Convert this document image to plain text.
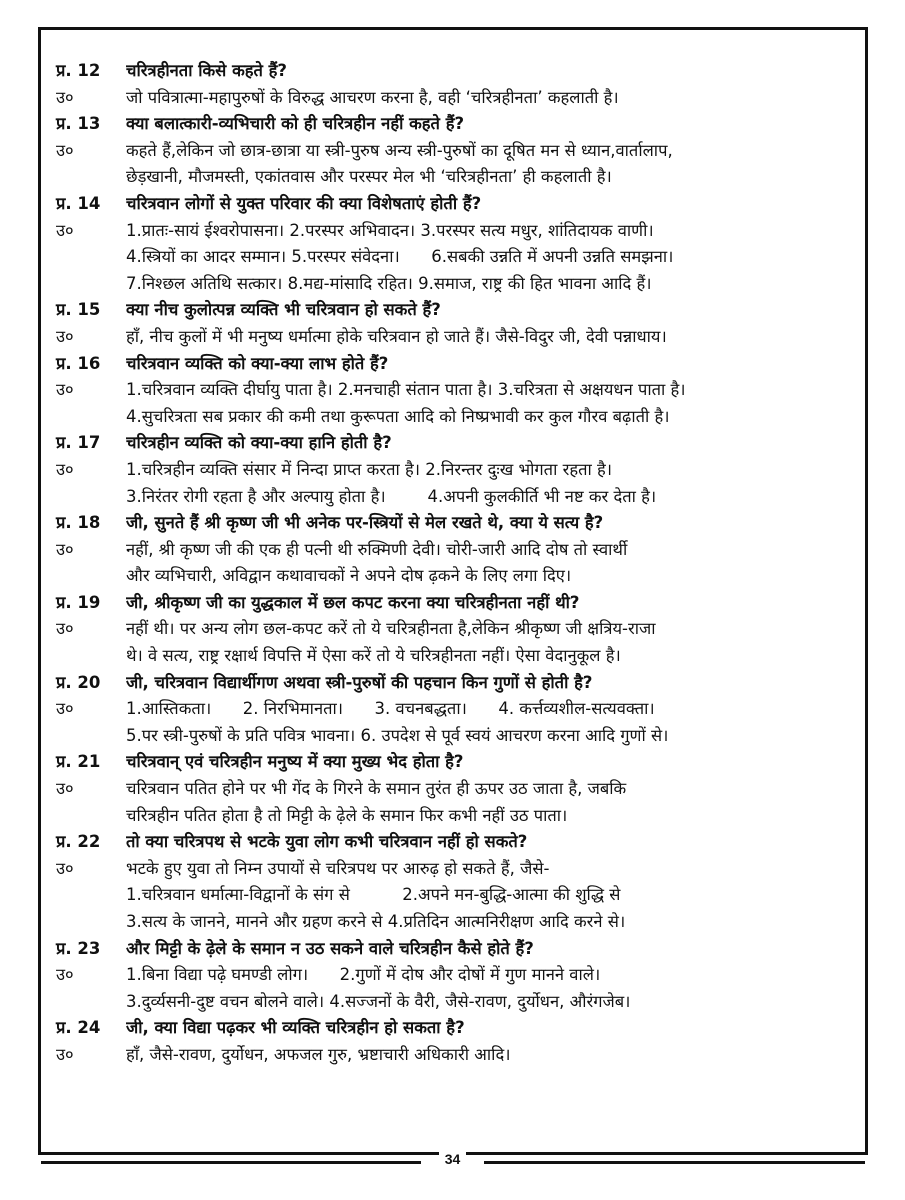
प्र. 12	चरित्रहीनता किसे कहते हैं?
उ०	जो पवित्रात्मा-महापुरुषों के विरुद्ध आचरण करना है, वही ‘चरित्रहीनता’ कहलाती है।
प्र. 13	क्या बलात्कारी-व्यभिचारी को ही चरित्रहीन नहीं कहते हैं?
उ०	कहते हैं,लेकिन जो छात्र-छात्रा या स्त्री-पुरुष अन्य स्त्री-पुरुषों का दूषित मन से ध्यान,वार्तालाप,
छेड़खानी, मौजमस्ती, एकांतवास और परस्पर मेल भी ‘चरित्रहीनता’ ही कहलाती है।
प्र. 14	चरित्रवान लोगों से युक्त परिवार की क्या विशेषताएं होती हैं?
उ०	1.प्रातः-सायं ईश्वरोपासना। 2.परस्पर अभिवादन। 3.परस्पर सत्य मधुर, शांतिदायक वाणी।
4.स्त्रियों का आदर सम्मान। 5.परस्पर संवेदना।      6.सबकी उन्नति में अपनी उन्नति समझना।
7.निश्छल अतिथि सत्कार। 8.मद्य-मांसादि रहित। 9.समाज, राष्ट्र की हित भावना आदि हैं।
प्र. 15	क्या नीच कुलोत्पन्न व्यक्ति भी चरित्रवान हो सकते हैं?
उ०	हाँ, नीच कुलों में भी मनुष्य धर्मात्मा होके चरित्रवान हो जाते हैं। जैसे-विदुर जी, देवी पन्नाधाय।
प्र. 16	चरित्रवान व्यक्ति को क्या-क्या लाभ होते हैं?
उ०	1.चरित्रवान व्यक्ति दीर्घायु पाता है। 2.मनचाही संतान पाता है। 3.चरित्रता से अक्षयधन पाता है।
4.सुचरित्रता सब प्रकार की कमी तथा कुरूपता आदि को निष्प्रभावी कर कुल गौरव बढ़ाती है।
प्र. 17	चरित्रहीन व्यक्ति को क्या-क्या हानि होती है?
उ०	1.चरित्रहीन व्यक्ति संसार में निन्दा प्राप्त करता है। 2.निरन्तर दुःख भोगता रहता है।
3.निरंतर रोगी रहता है और अल्पायु होता है।        4.अपनी कुलकीर्ति भी नष्ट कर देता है।
प्र. 18	जी, सुनते हैं श्री कृष्ण जी भी अनेक पर-स्त्रियों से मेल रखते थे, क्या ये सत्य है?
उ०	नहीं, श्री कृष्ण जी की एक ही पत्नी थी रुक्मिणी देवी। चोरी-जारी आदि दोष तो स्वार्थी
और व्यभिचारी, अविद्वान कथावाचकों ने अपने दोष ढ़कने के लिए लगा दिए।
प्र. 19	जी, श्रीकृष्ण जी का युद्धकाल में छल कपट करना क्या चरित्रहीनता नहीं थी?
उ०	नहीं थी। पर अन्य लोग छल-कपट करें तो ये चरित्रहीनता है,लेकिन श्रीकृष्ण जी क्षत्रिय-राजा
थे। वे सत्य, राष्ट्र रक्षार्थ विपत्ति में ऐसा करें तो ये चरित्रहीनता नहीं। ऐसा वेदानुकूल है।
प्र. 20	जी, चरित्रवान विद्यार्थीगण अथवा स्त्री-पुरुषों की पहचान किन गुणों से होती है?
उ०	1.आस्तिकता।      2. निरभिमानता।      3. वचनबद्धता।      4. कर्त्तव्यशील-सत्यवक्ता।
5.पर स्त्री-पुरुषों के प्रति पवित्र भावना। 6. उपदेश से पूर्व स्वयं आचरण करना आदि गुणों से।
प्र. 21	चरित्रवान् एवं चरित्रहीन मनुष्य में क्या मुख्य भेद होता है?
उ०	चरित्रवान पतित होने पर भी गेंद के गिरने के समान तुरंत ही ऊपर उठ जाता है, जबकि
चरित्रहीन पतित होता है तो मिट्टी के ढ़ेले के समान फिर कभी नहीं उठ पाता।
प्र. 22	तो क्या चरित्रपथ से भटके युवा लोग कभी चरित्रवान नहीं हो सकते?
उ०	भटके हुए युवा तो निम्न उपायों से चरित्रपथ पर आरुढ़ हो सकते हैं, जैसे-
1.चरित्रवान धर्मात्मा-विद्वानों के संग से          2.अपने मन-बुद्धि-आत्मा की शुद्धि से
3.सत्य के जानने, मानने और ग्रहण करने से 4.प्रतिदिन आत्मनिरीक्षण आदि करने से।
प्र. 23	और मिट्टी के ढ़ेले के समान न उठ सकने वाले चरित्रहीन कैसे होते हैं?
उ०	1.बिना विद्या पढ़े घमण्डी लोग।      2.गुणों में दोष और दोषों में गुण मानने वाले।
3.दुर्व्यसनी-दुष्ट वचन बोलने वाले। 4.सज्जनों के वैरी, जैसे-रावण, दुर्योधन, औरंगजेब।
प्र. 24	जी, क्या विद्या पढ़कर भी व्यक्ति चरित्रहीन हो सकता है?
उ०	हाँ, जैसे-रावण, दुर्योधन, अफजल गुरु, भ्रष्टाचारी अधिकारी आदि।
34
